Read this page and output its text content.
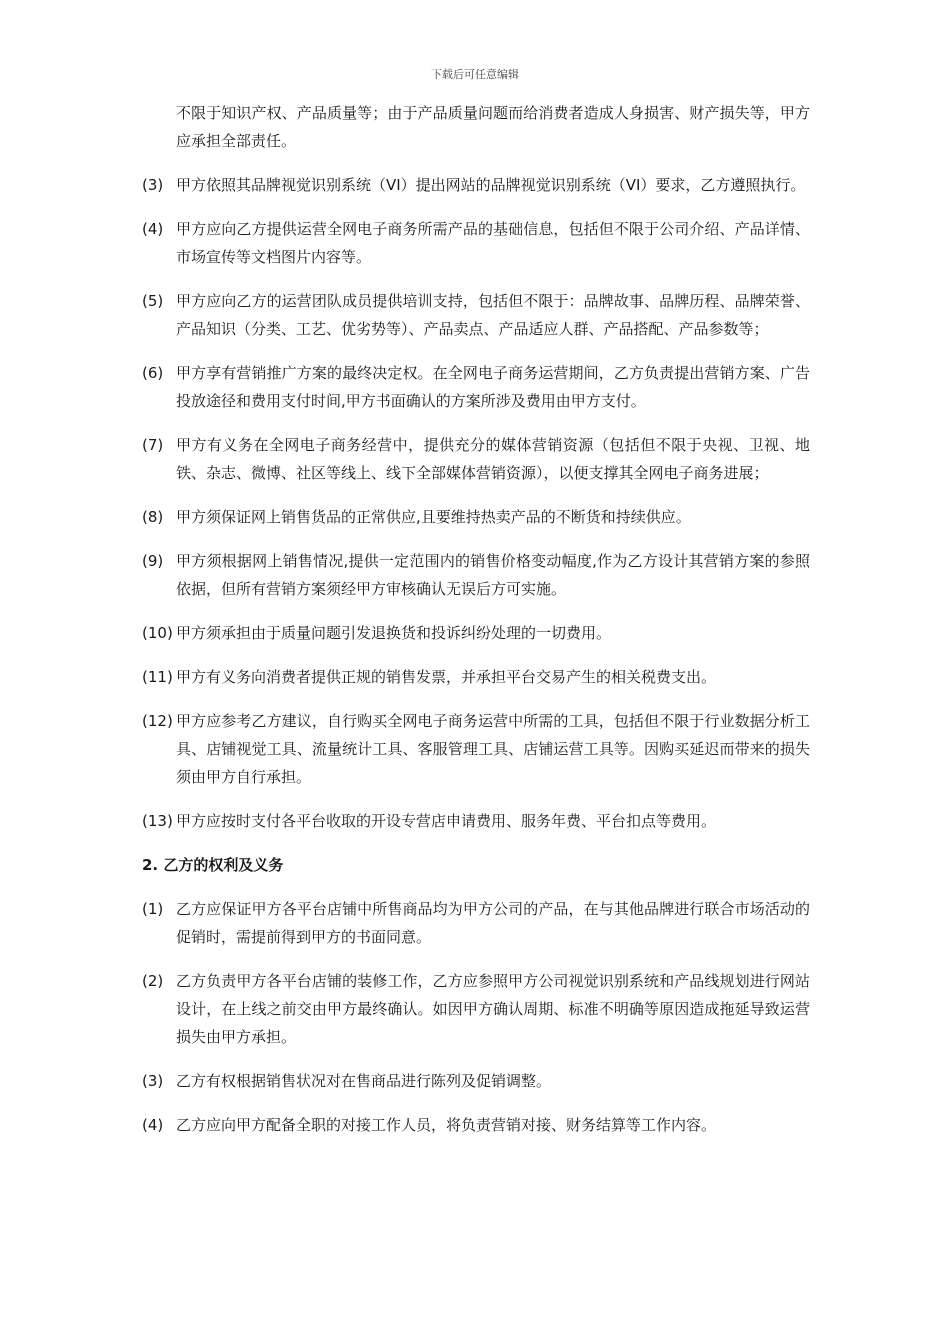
下载后可任意编辑
不限于知识产权、产品质量等；由于产品质量问题而给消费者造成人身损害、财产损失等，甲方应承担全部责任。
(3) 甲方依照其品牌视觉识别系统（VI）提出网站的品牌视觉识别系统（VI）要求，乙方遵照执行。
(4) 甲方应向乙方提供运营全网电子商务所需产品的基础信息，包括但不限于公司介绍、产品详情、市场宣传等文档图片内容等。
(5) 甲方应向乙方的运营团队成员提供培训支持，包括但不限于：品牌故事、品牌历程、品牌荣誉、产品知识（分类、工艺、优劣势等）、产品卖点、产品适应人群、产品搭配、产品参数等；
(6) 甲方享有营销推广方案的最终决定权。在全网电子商务运营期间，乙方负责提出营销方案、广告投放途径和费用支付时间,甲方书面确认的方案所涉及费用由甲方支付。
(7) 甲方有义务在全网电子商务经营中，提供充分的媒体营销资源（包括但不限于央视、卫视、地铁、杂志、微博、社区等线上、线下全部媒体营销资源），以便支撑其全网电子商务进展；
(8) 甲方须保证网上销售货品的正常供应,且要维持热卖产品的不断货和持续供应。
(9) 甲方须根据网上销售情况,提供一定范围内的销售价格变动幅度,作为乙方设计其营销方案的参照依据，但所有营销方案须经甲方审核确认无误后方可实施。
(10) 甲方须承担由于质量问题引发退换货和投诉纠纷处理的一切费用。
(11) 甲方有义务向消费者提供正规的销售发票，并承担平台交易产生的相关税费支出。
(12) 甲方应参考乙方建议，自行购买全网电子商务运营中所需的工具，包括但不限于行业数据分析工具、店铺视觉工具、流量统计工具、客服管理工具、店铺运营工具等。因购买延迟而带来的损失须由甲方自行承担。
(13) 甲方应按时支付各平台收取的开设专营店申请费用、服务年费、平台扣点等费用。
2. 乙方的权利及义务
(1) 乙方应保证甲方各平台店铺中所售商品均为甲方公司的产品，在与其他品牌进行联合市场活动的促销时，需提前得到甲方的书面同意。
(2) 乙方负责甲方各平台店铺的装修工作，乙方应参照甲方公司视觉识别系统和产品线规划进行网站设计，在上线之前交由甲方最终确认。如因甲方确认周期、标准不明确等原因造成拖延导致运营损失由甲方承担。
(3) 乙方有权根据销售状况对在售商品进行陈列及促销调整。
(4) 乙方应向甲方配备全职的对接工作人员，将负责营销对接、财务结算等工作内容。
